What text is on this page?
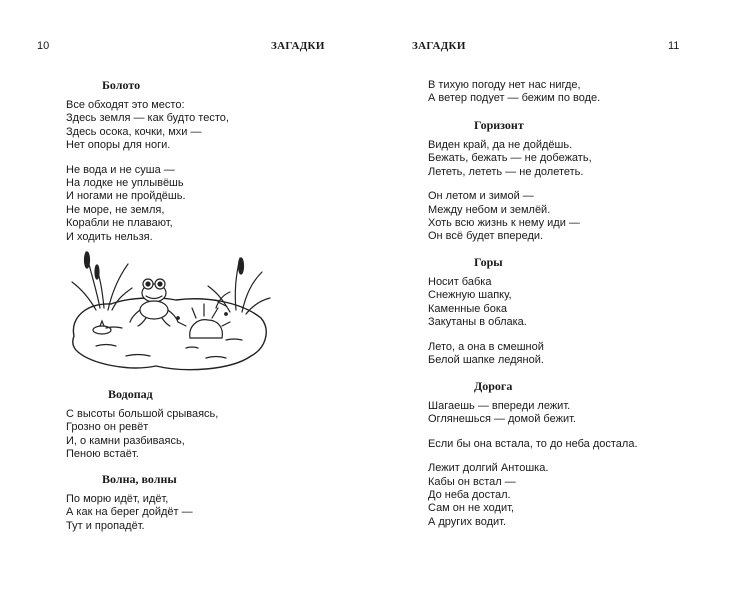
10	ЗАГАДКИ
Болото
Все обходят это место:
Здесь земля — как будто тесто,
Здесь осока, кочки, мхи —
Нет опоры для ноги.
Не вода и не суша —
На лодке не уплывёшь
И ногами не пройдёшь.
Не море, не земля,
Корабли не плавают,
И ходить нельзя.
Водопад
С высоты большой срываясь,
Грозно он ревёт
И, о камни разбиваясь,
Пеною встаёт.
Волна, волны
По морю идёт, идёт,
А как на берег дойдёт —
Тут и пропадёт.
ЗАГАДКИ	11
В тихую погоду нет нас нигде,
А ветер подует — бежим по воде.
Горизонт
Виден край, да не дойдёшь.
Бежать, бежать — не добежать,
Лететь, лететь — не долететь.
Он летом и зимой —
Между небом и землёй.
Хоть всю жизнь к нему иди —
Он всё будет впереди.
Горы
Носит бабка
Снежную шапку,
Каменные бока
Закутаны в облака.
Лето, а она в смешной
Белой шапке ледяной.
Дорога
Шагаешь — впереди лежит.
Оглянешься — домой бежит.
Если бы она встала, то до неба достала.
Лежит долгий Антошка.
Кабы он встал —
До неба достал.
Сам он не ходит,
А других водит.
